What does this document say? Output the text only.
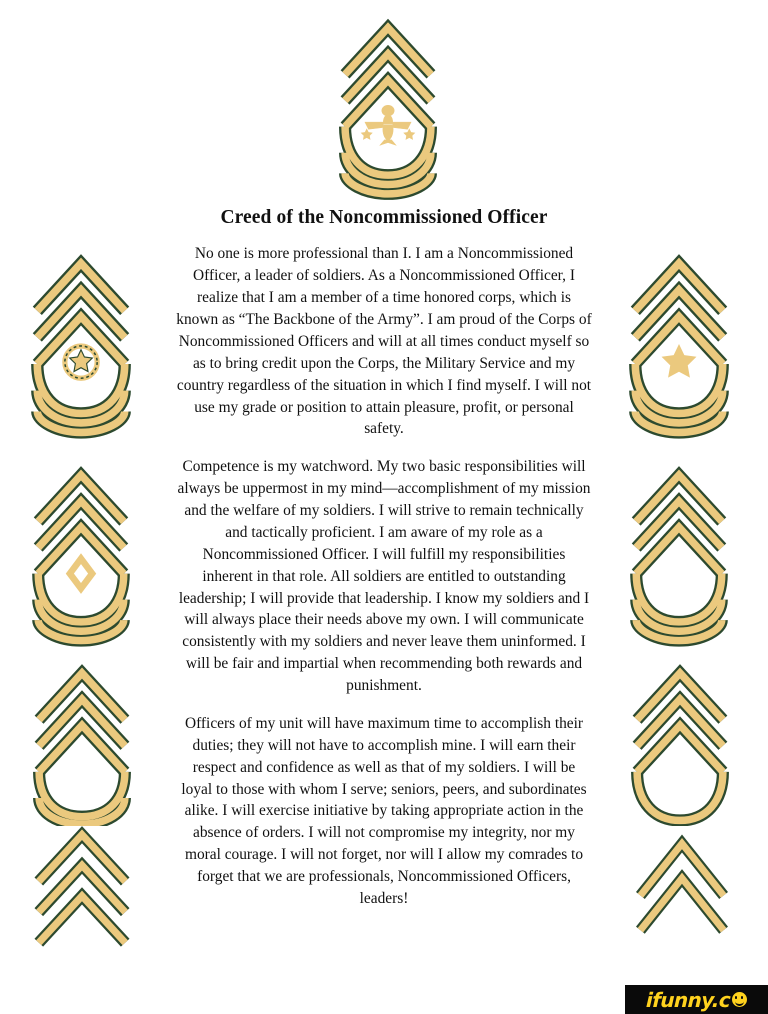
Creed of the Noncommissioned Officer

No one is more professional than I. I am a Noncommissioned Officer, a leader of soldiers. As a Noncommissioned Officer, I realize that I am a member of a time honored corps, which is known as “The Backbone of the Army”. I am proud of the Corps of Noncommissioned Officers and will at all times conduct myself so as to bring credit upon the Corps, the Military Service and my country regardless of the situation in which I find myself. I will not use my grade or position to attain pleasure, profit, or personal safety.

Competence is my watchword. My two basic responsibilities will always be uppermost in my mind—accomplishment of my mission and the welfare of my soldiers. I will strive to remain technically and tactically proficient. I am aware of my role as a Noncommissioned Officer. I will fulfill my responsibilities inherent in that role. All soldiers are entitled to outstanding leadership; I will provide that leadership. I know my soldiers and I will always place their needs above my own. I will communicate consistently with my soldiers and never leave them uninformed. I will be fair and impartial when recommending both rewards and punishment.

Officers of my unit will have maximum time to accomplish their duties; they will not have to accomplish mine. I will earn their respect and confidence as well as that of my soldiers. I will be loyal to those with whom I serve; seniors, peers, and subordinates alike. I will exercise initiative by taking appropriate action in the absence of orders. I will not compromise my integrity, nor my moral courage. I will not forget, nor will I allow my comrades to forget that we are professionals, Noncommissioned Officers, leaders!

ifunny.c
